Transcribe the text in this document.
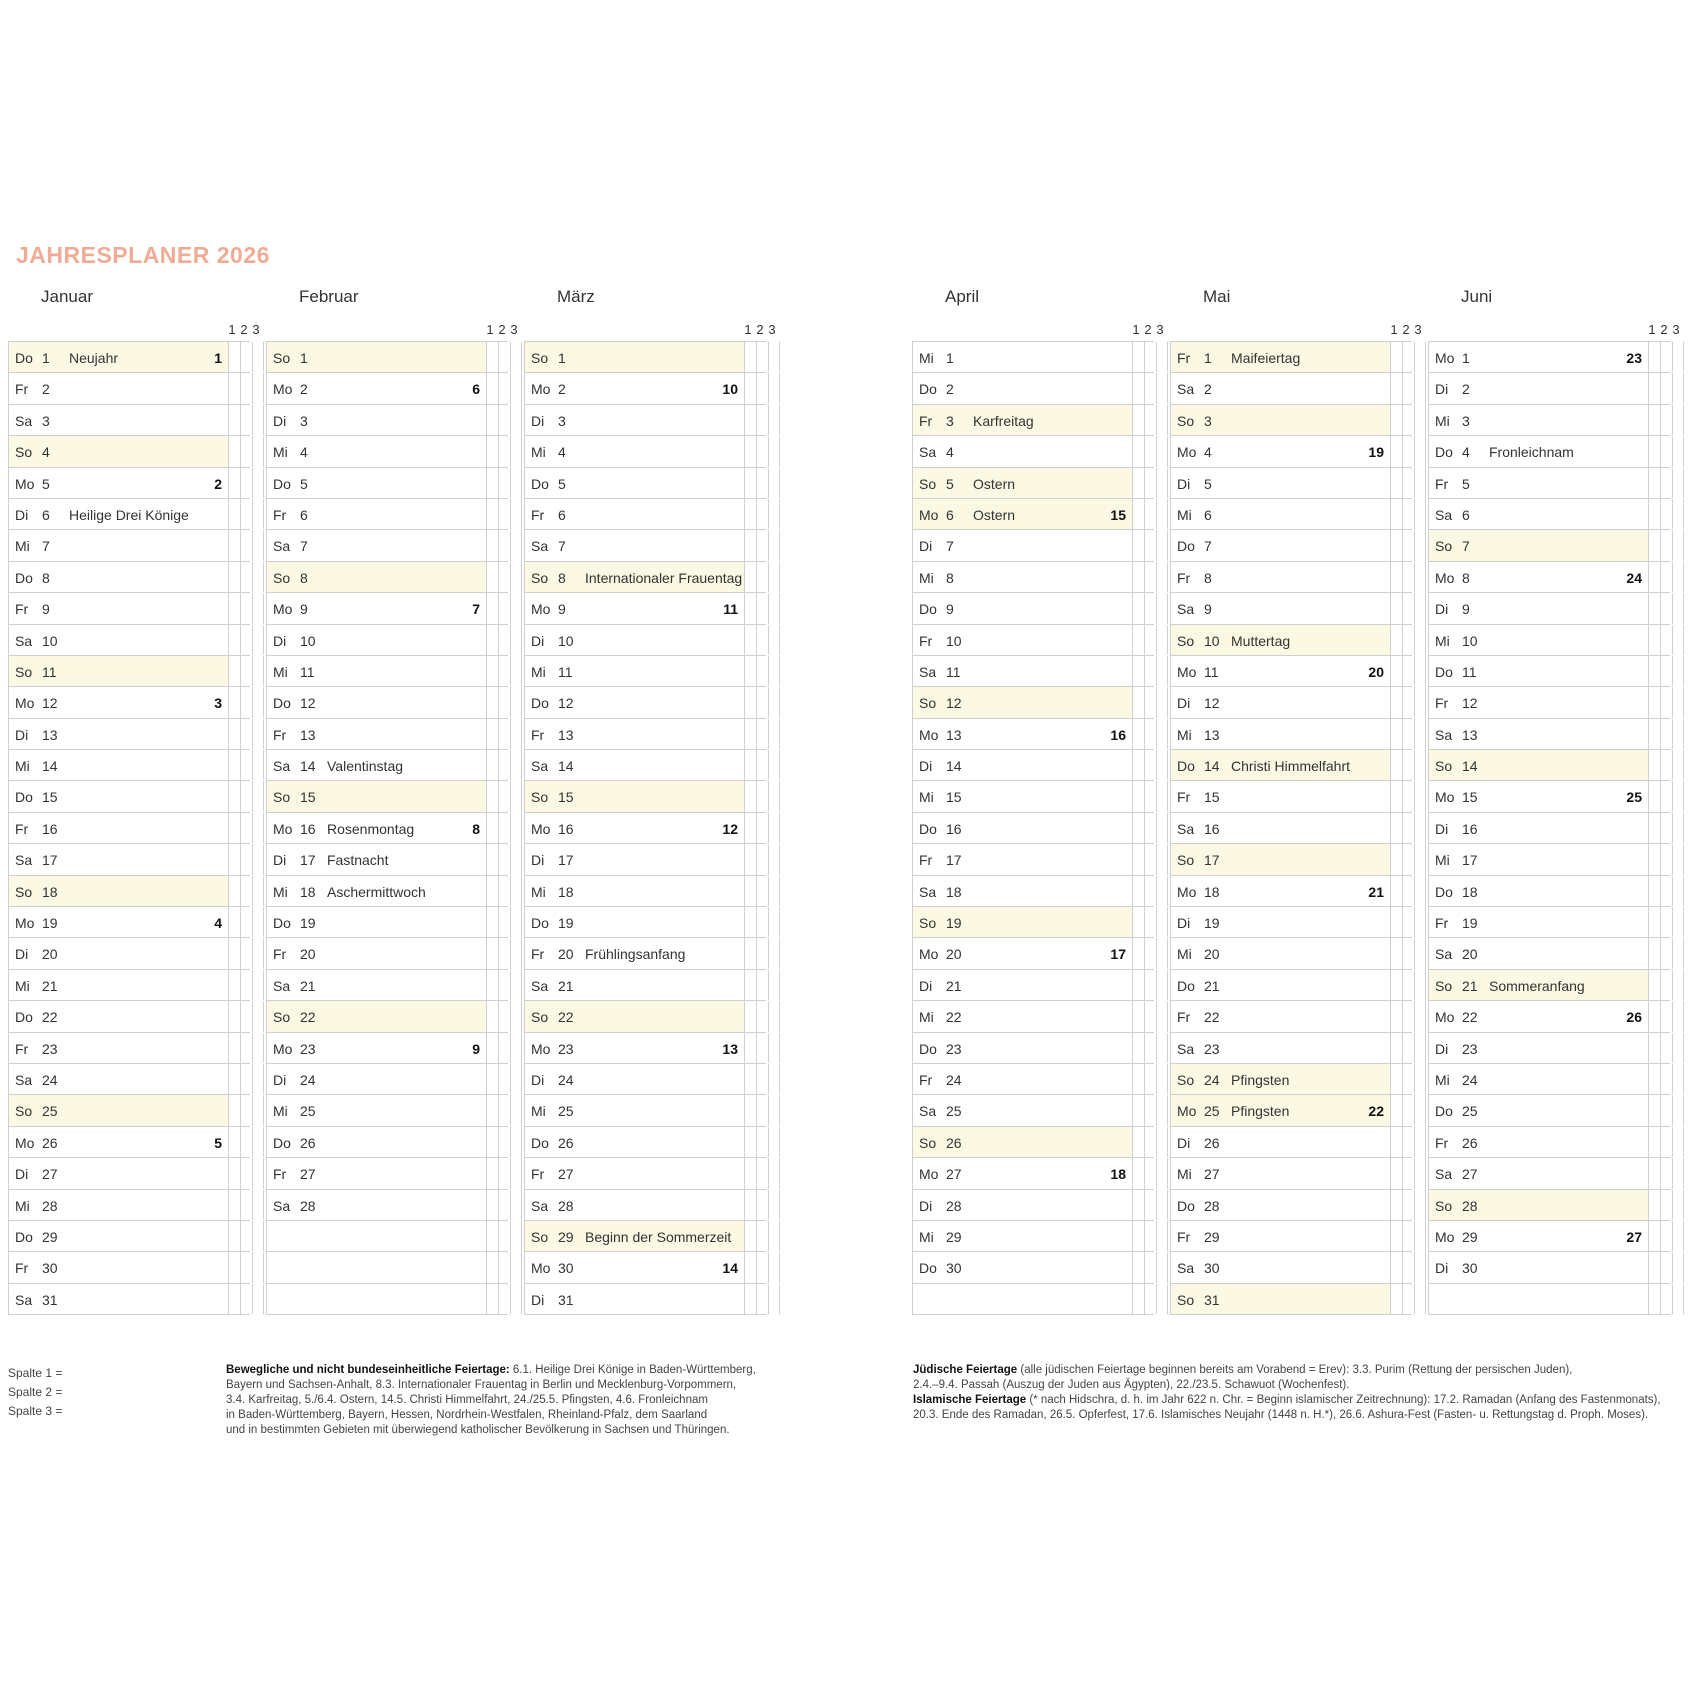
JAHRESPLANER 2026
Januar
1 2 3
Do 1 Neujahr	1
Fr 2
Sa 3
So 4
Mo 5	2
Di 6 Heilige Drei Könige
Mi 7
Do 8
Fr 9
Sa 10
So 11
Mo 12	3
Di 13
Mi 14
Do 15
Fr 16
Sa 17
So 18
Mo 19	4
Di 20
Mi 21
Do 22
Fr 23
Sa 24
So 25
Mo 26	5
Di 27
Mi 28
Do 29
Fr 30
Sa 31
Februar
1 2 3
So 1
Mo 2	6
Di 3
Mi 4
Do 5
Fr 6
Sa 7
So 8
Mo 9	7
Di 10
Mi 11
Do 12
Fr 13
Sa 14 Valentinstag
So 15
Mo 16 Rosenmontag	8
Di 17 Fastnacht
Mi 18 Aschermittwoch
Do 19
Fr 20
Sa 21
So 22
Mo 23	9
Di 24
Mi 25
Do 26
Fr 27
Sa 28
März
1 2 3
So 1
Mo 2	10
Di 3
Mi 4
Do 5
Fr 6
Sa 7
So 8 Internationaler Frauentag
Mo 9	11
Di 10
Mi 11
Do 12
Fr 13
Sa 14
So 15
Mo 16	12
Di 17
Mi 18
Do 19
Fr 20 Frühlingsanfang
Sa 21
So 22
Mo 23	13
Di 24
Mi 25
Do 26
Fr 27
Sa 28
So 29 Beginn der Sommerzeit
Mo 30	14
Di 31
April
1 2 3
Mi 1
Do 2
Fr 3 Karfreitag
Sa 4
So 5 Ostern
Mo 6 Ostern	15
Di 7
Mi 8
Do 9
Fr 10
Sa 11
So 12
Mo 13	16
Di 14
Mi 15
Do 16
Fr 17
Sa 18
So 19
Mo 20	17
Di 21
Mi 22
Do 23
Fr 24
Sa 25
So 26
Mo 27	18
Di 28
Mi 29
Do 30
Mai
1 2 3
Fr 1 Maifeiertag
Sa 2
So 3
Mo 4	19
Di 5
Mi 6
Do 7
Fr 8
Sa 9
So 10 Muttertag
Mo 11	20
Di 12
Mi 13
Do 14 Christi Himmelfahrt
Fr 15
Sa 16
So 17
Mo 18	21
Di 19
Mi 20
Do 21
Fr 22
Sa 23
So 24 Pfingsten
Mo 25 Pfingsten	22
Di 26
Mi 27
Do 28
Fr 29
Sa 30
So 31
Juni
1 2 3
Mo 1	23
Di 2
Mi 3
Do 4 Fronleichnam
Fr 5
Sa 6
So 7
Mo 8	24
Di 9
Mi 10
Do 11
Fr 12
Sa 13
So 14
Mo 15	25
Di 16
Mi 17
Do 18
Fr 19
Sa 20
So 21 Sommeranfang
Mo 22	26
Di 23
Mi 24
Do 25
Fr 26
Sa 27
So 28
Mo 29	27
Di 30
Spalte 1 =
Spalte 2 =
Spalte 3 =
Bewegliche und nicht bundeseinheitliche Feiertage: 6.1. Heilige Drei Könige in Baden-Württemberg,
Bayern und Sachsen-Anhalt, 8.3. Internationaler Frauentag in Berlin und Mecklenburg-Vorpommern,
3.4. Karfreitag, 5./6.4. Ostern, 14.5. Christi Himmelfahrt, 24./25.5. Pfingsten, 4.6. Fronleichnam
in Baden-Württemberg, Bayern, Hessen, Nordrhein-Westfalen, Rheinland-Pfalz, dem Saarland
und in bestimmten Gebieten mit überwiegend katholischer Bevölkerung in Sachsen und Thüringen.
Jüdische Feiertage (alle jüdischen Feiertage beginnen bereits am Vorabend = Erev): 3.3. Purim (Rettung der persischen Juden),
2.4.–9.4. Passah (Auszug der Juden aus Ägypten), 22./23.5. Schawuot (Wochenfest).
Islamische Feiertage (* nach Hidschra, d. h. im Jahr 622 n. Chr. = Beginn islamischer Zeitrechnung): 17.2. Ramadan (Anfang des Fastenmonats),
20.3. Ende des Ramadan, 26.5. Opferfest, 17.6. Islamisches Neujahr (1448 n. H.*), 26.6. Ashura-Fest (Fasten- u. Rettungstag d. Proph. Moses).
